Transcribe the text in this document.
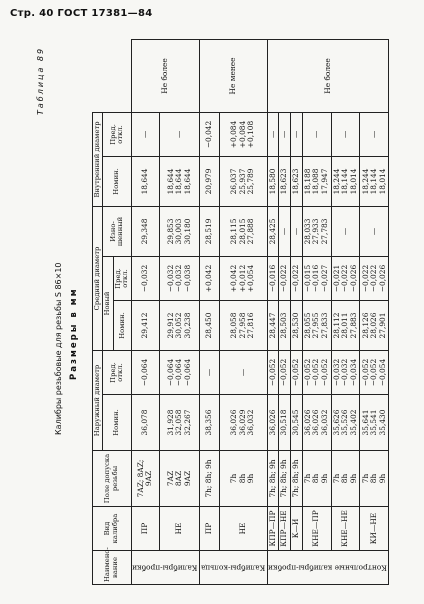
Стр. 40 ГОСТ 17381—84
Таблица 89
Калибры резьбовые для резьбы S 86×10 Размеры в мм
Наимено-вание	Вид калибра	Поле допуска резьбы	Наружный диаметр		Средний диаметр			Внутренний диаметр		
			Номин.	Пред. откл.	Новый		Изно-шенный	Номин.	Пред. откл.	
					Номин.	Пред. откл.				
Калибры-пробки	ПР	7AZ; 8AZ; 9AZ	36,078	−0,064	29,412	−0,032	29,348	18,644	—	Не более
	НЕ	7AZ 8AZ 9AZ	31,928 32,058 32,267	−0,064 −0,064 −0,064	29,912 30,052 30,238	−0,032 −0,032 −0,038	29,853 30,003 30,180	18,644 18,644 18,644	—	
Калибры-кольца	ПР	7h; 8h; 9h	38,356	—	28,450	+0,042	28,519	20,979	−0,042	Не менее
	НЕ	7h 8h 9h	36,026 36,029 36,032	—	28,058 27,958 27,816	+0,042 +0,012 +0,054	28,115 28,015 27,888	26,037 25,937 25,789	+0,084 +0,084 +0,108	

Контрольные калибры-пробки	КПР—ПР	7h; 8h; 9h	36,026	−0,052	28,447	−0,016	28,425	18,580	—	Не более
	КПР—НЕ	7h; 8h; 9h	30,518	−0,052	28,503	−0,022	—	18,623	—	
	К—И	7h; 8h; 9h	30,545	−0,052	28,530	−0,022	—	18,623	—	
	КНЕ—ПР	7h 8h 9h	36,026 36,026 36,032	−0,052 −0,052 −0,052	28,055 27,955 27,833	−0,015 −0,016 −0,027	28,033 27,933 27,783	18,188 18,088 17,947	—	
	КНЕ—НЕ	7h 8h 9h	35,626 35,526 35,402	−0,032 −0,032 −0,034	28,112 28,011 27,883	−0,021 −0,022 −0,026	—	18,244 18,144 18,014	—	
	КИ—НЕ	7h 8h 9h	35,641 35,541 35,430	−0,052 −0,052 −0,054	28,126 28,026 27,901	−0,022 −0,022 −0,026	—	18,244 18,144 18,014	—	
